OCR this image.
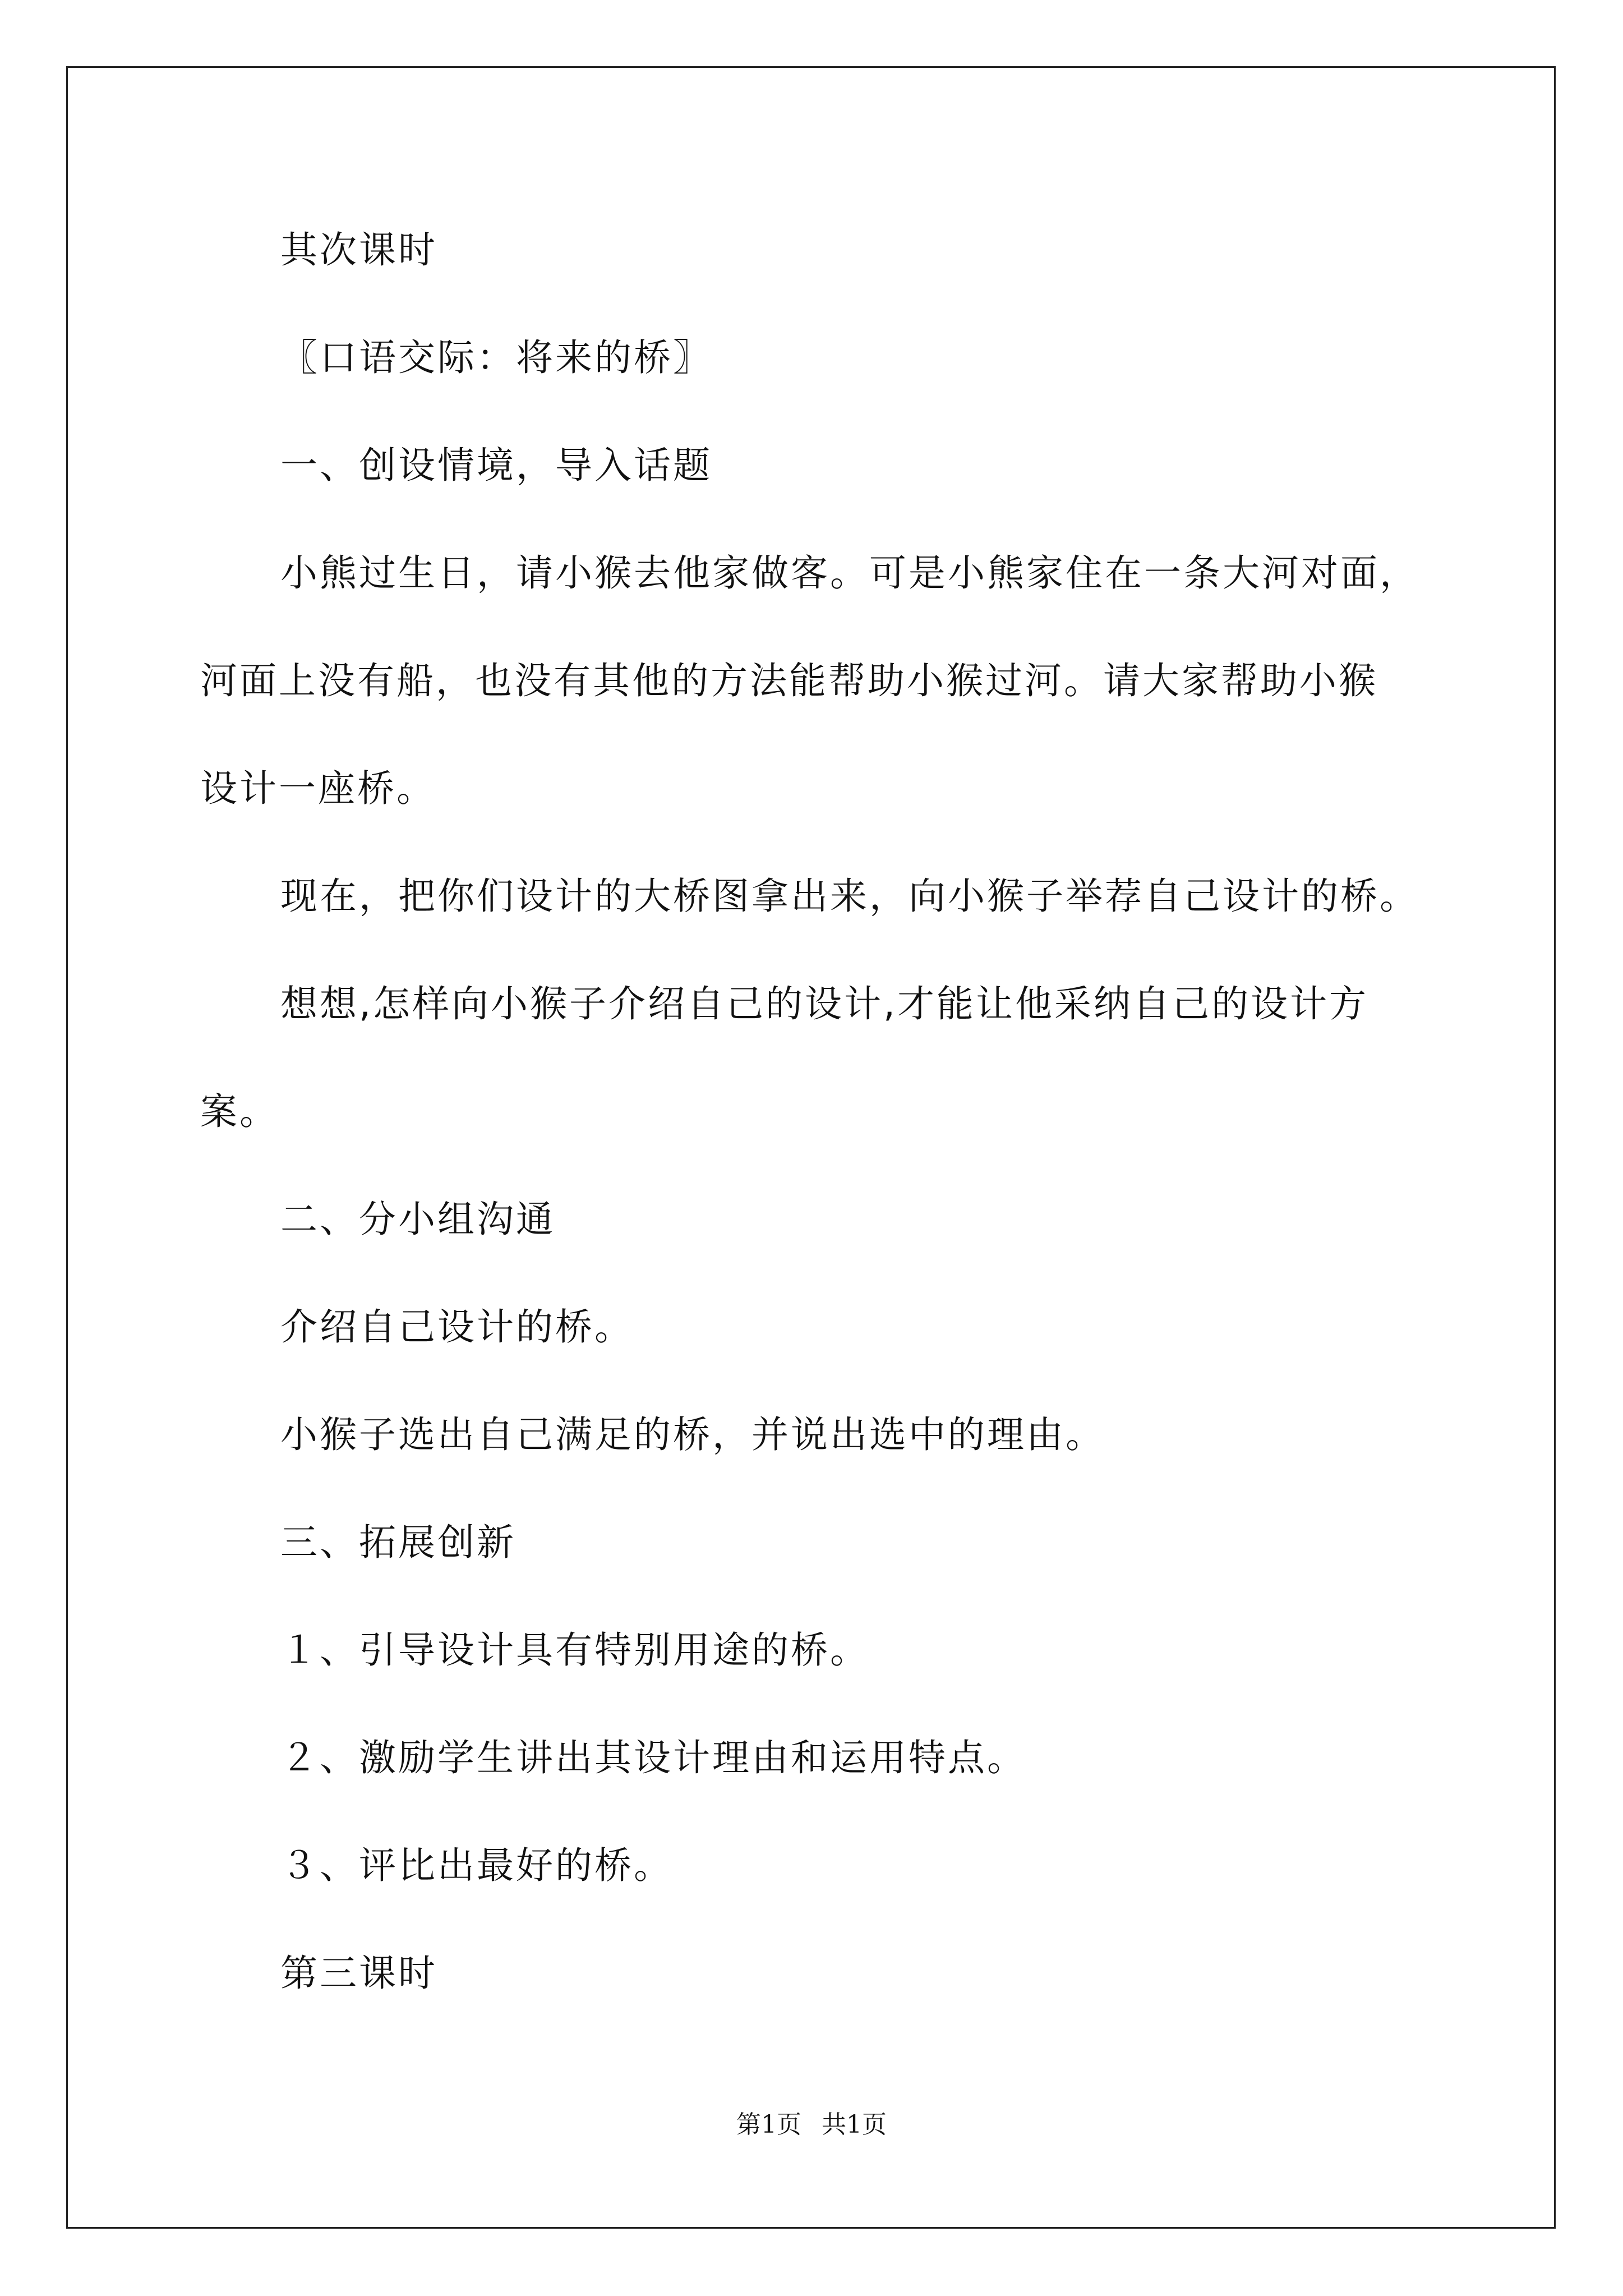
其次课时
〖口语交际：将来的桥〗
一、创设情境，导入话题
小熊过生日，请小猴去他家做客。可是小熊家住在一条大河对面，
河面上没有船，也没有其他的方法能帮助小猴过河。请大家帮助小猴
设计一座桥。
现在，把你们设计的大桥图拿出来，向小猴子举荐自己设计的桥。
想想,怎样向小猴子介绍自己的设计,才能让他采纳自己的设计方
案。
二、分小组沟通
介绍自己设计的桥。
小猴子选出自己满足的桥，并说出选中的理由。
三、拓展创新
１、引导设计具有特别用途的桥。
２、激励学生讲出其设计理由和运用特点。
３、评比出最好的桥。
第三课时
第1页 共1页
